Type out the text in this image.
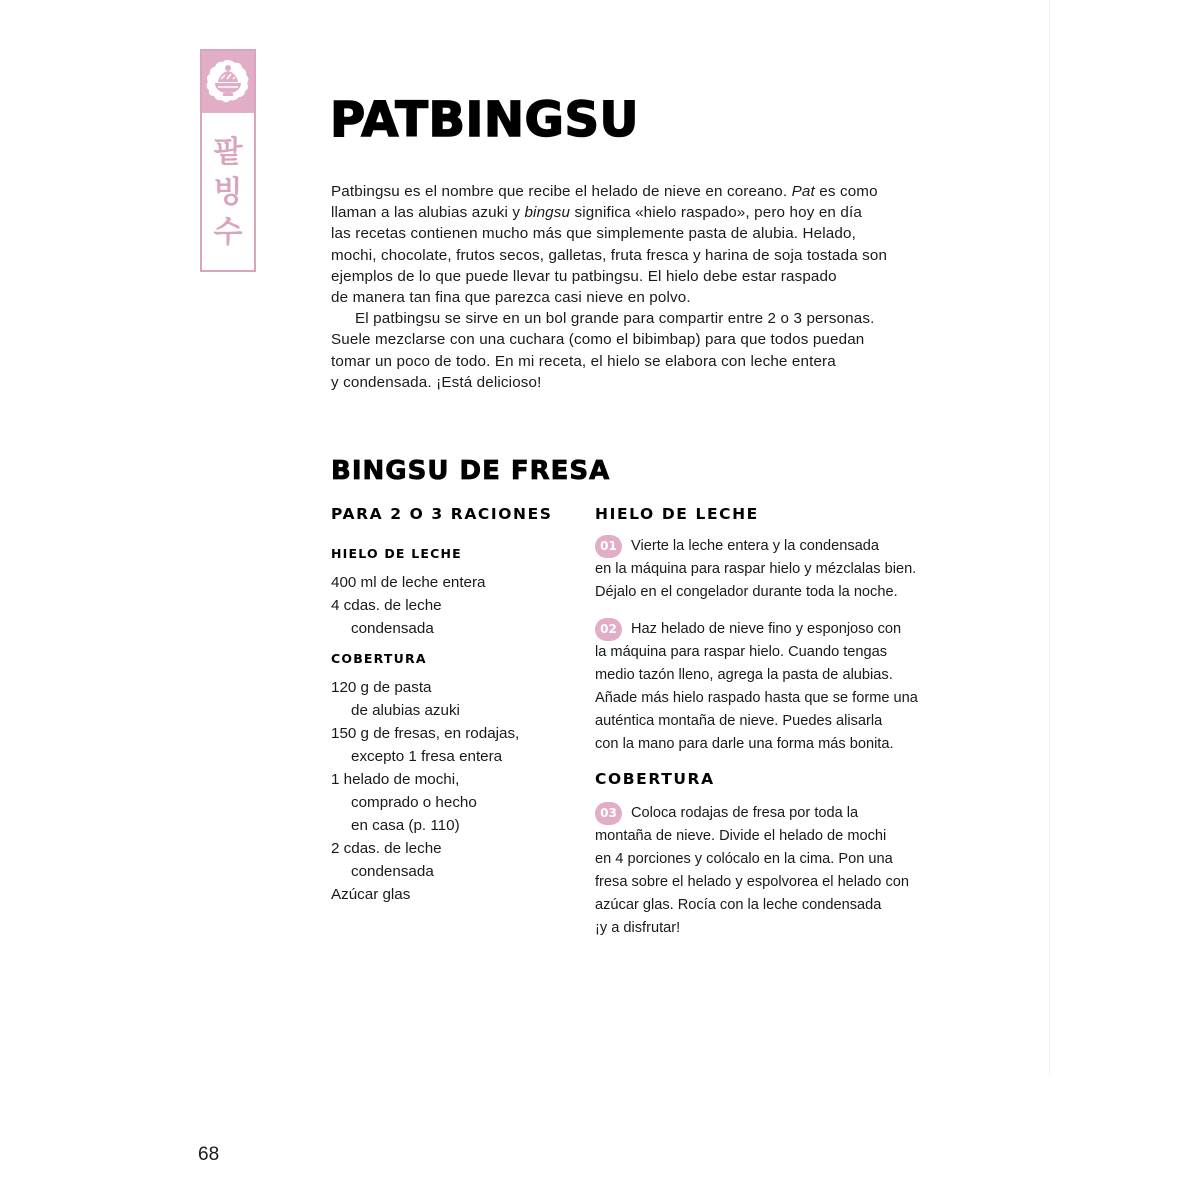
팥
빙
수
PATBINGSU

Patbingsu es el nombre que recibe el helado de nieve en coreano. Pat es como
llaman a las alubias azuki y bingsu significa «hielo raspado», pero hoy en día
las recetas contienen mucho más que simplemente pasta de alubia. Helado,
mochi, chocolate, frutos secos, galletas, fruta fresca y harina de soja tostada son
ejemplos de lo que puede llevar tu patbingsu. El hielo debe estar raspado
de manera tan fina que parezca casi nieve en polvo.

El patbingsu se sirve en un bol grande para compartir entre 2 o 3 personas.
Suele mezclarse con una cuchara (como el bibimbap) para que todos puedan
tomar un poco de todo. En mi receta, el hielo se elabora con leche entera
y condensada. ¡Está delicioso!

BINGSU DE FRESA
PARA 2 O 3 RACIONES
HIELO DE LECHE
400 ml de leche entera
4 cdas. de leche
condensada
COBERTURA
120 g de pasta
de alubias azuki
150 g de fresas, en rodajas,
excepto 1 fresa entera
1 helado de mochi,
comprado o hecho
en casa (p. 110)
2 cdas. de leche
condensada
Azúcar glas
HIELO DE LECHE
01 Vierte la leche entera y la condensada
en la máquina para raspar hielo y mézclalas bien.
Déjalo en el congelador durante toda la noche.
02 Haz helado de nieve fino y esponjoso con
la máquina para raspar hielo. Cuando tengas
medio tazón lleno, agrega la pasta de alubias.
Añade más hielo raspado hasta que se forme una
auténtica montaña de nieve. Puedes alisarla
con la mano para darle una forma más bonita.
COBERTURA
03 Coloca rodajas de fresa por toda la
montaña de nieve. Divide el helado de mochi
en 4 porciones y colócalo en la cima. Pon una
fresa sobre el helado y espolvorea el helado con
azúcar glas. Rocía con la leche condensada
¡y a disfrutar!
68
